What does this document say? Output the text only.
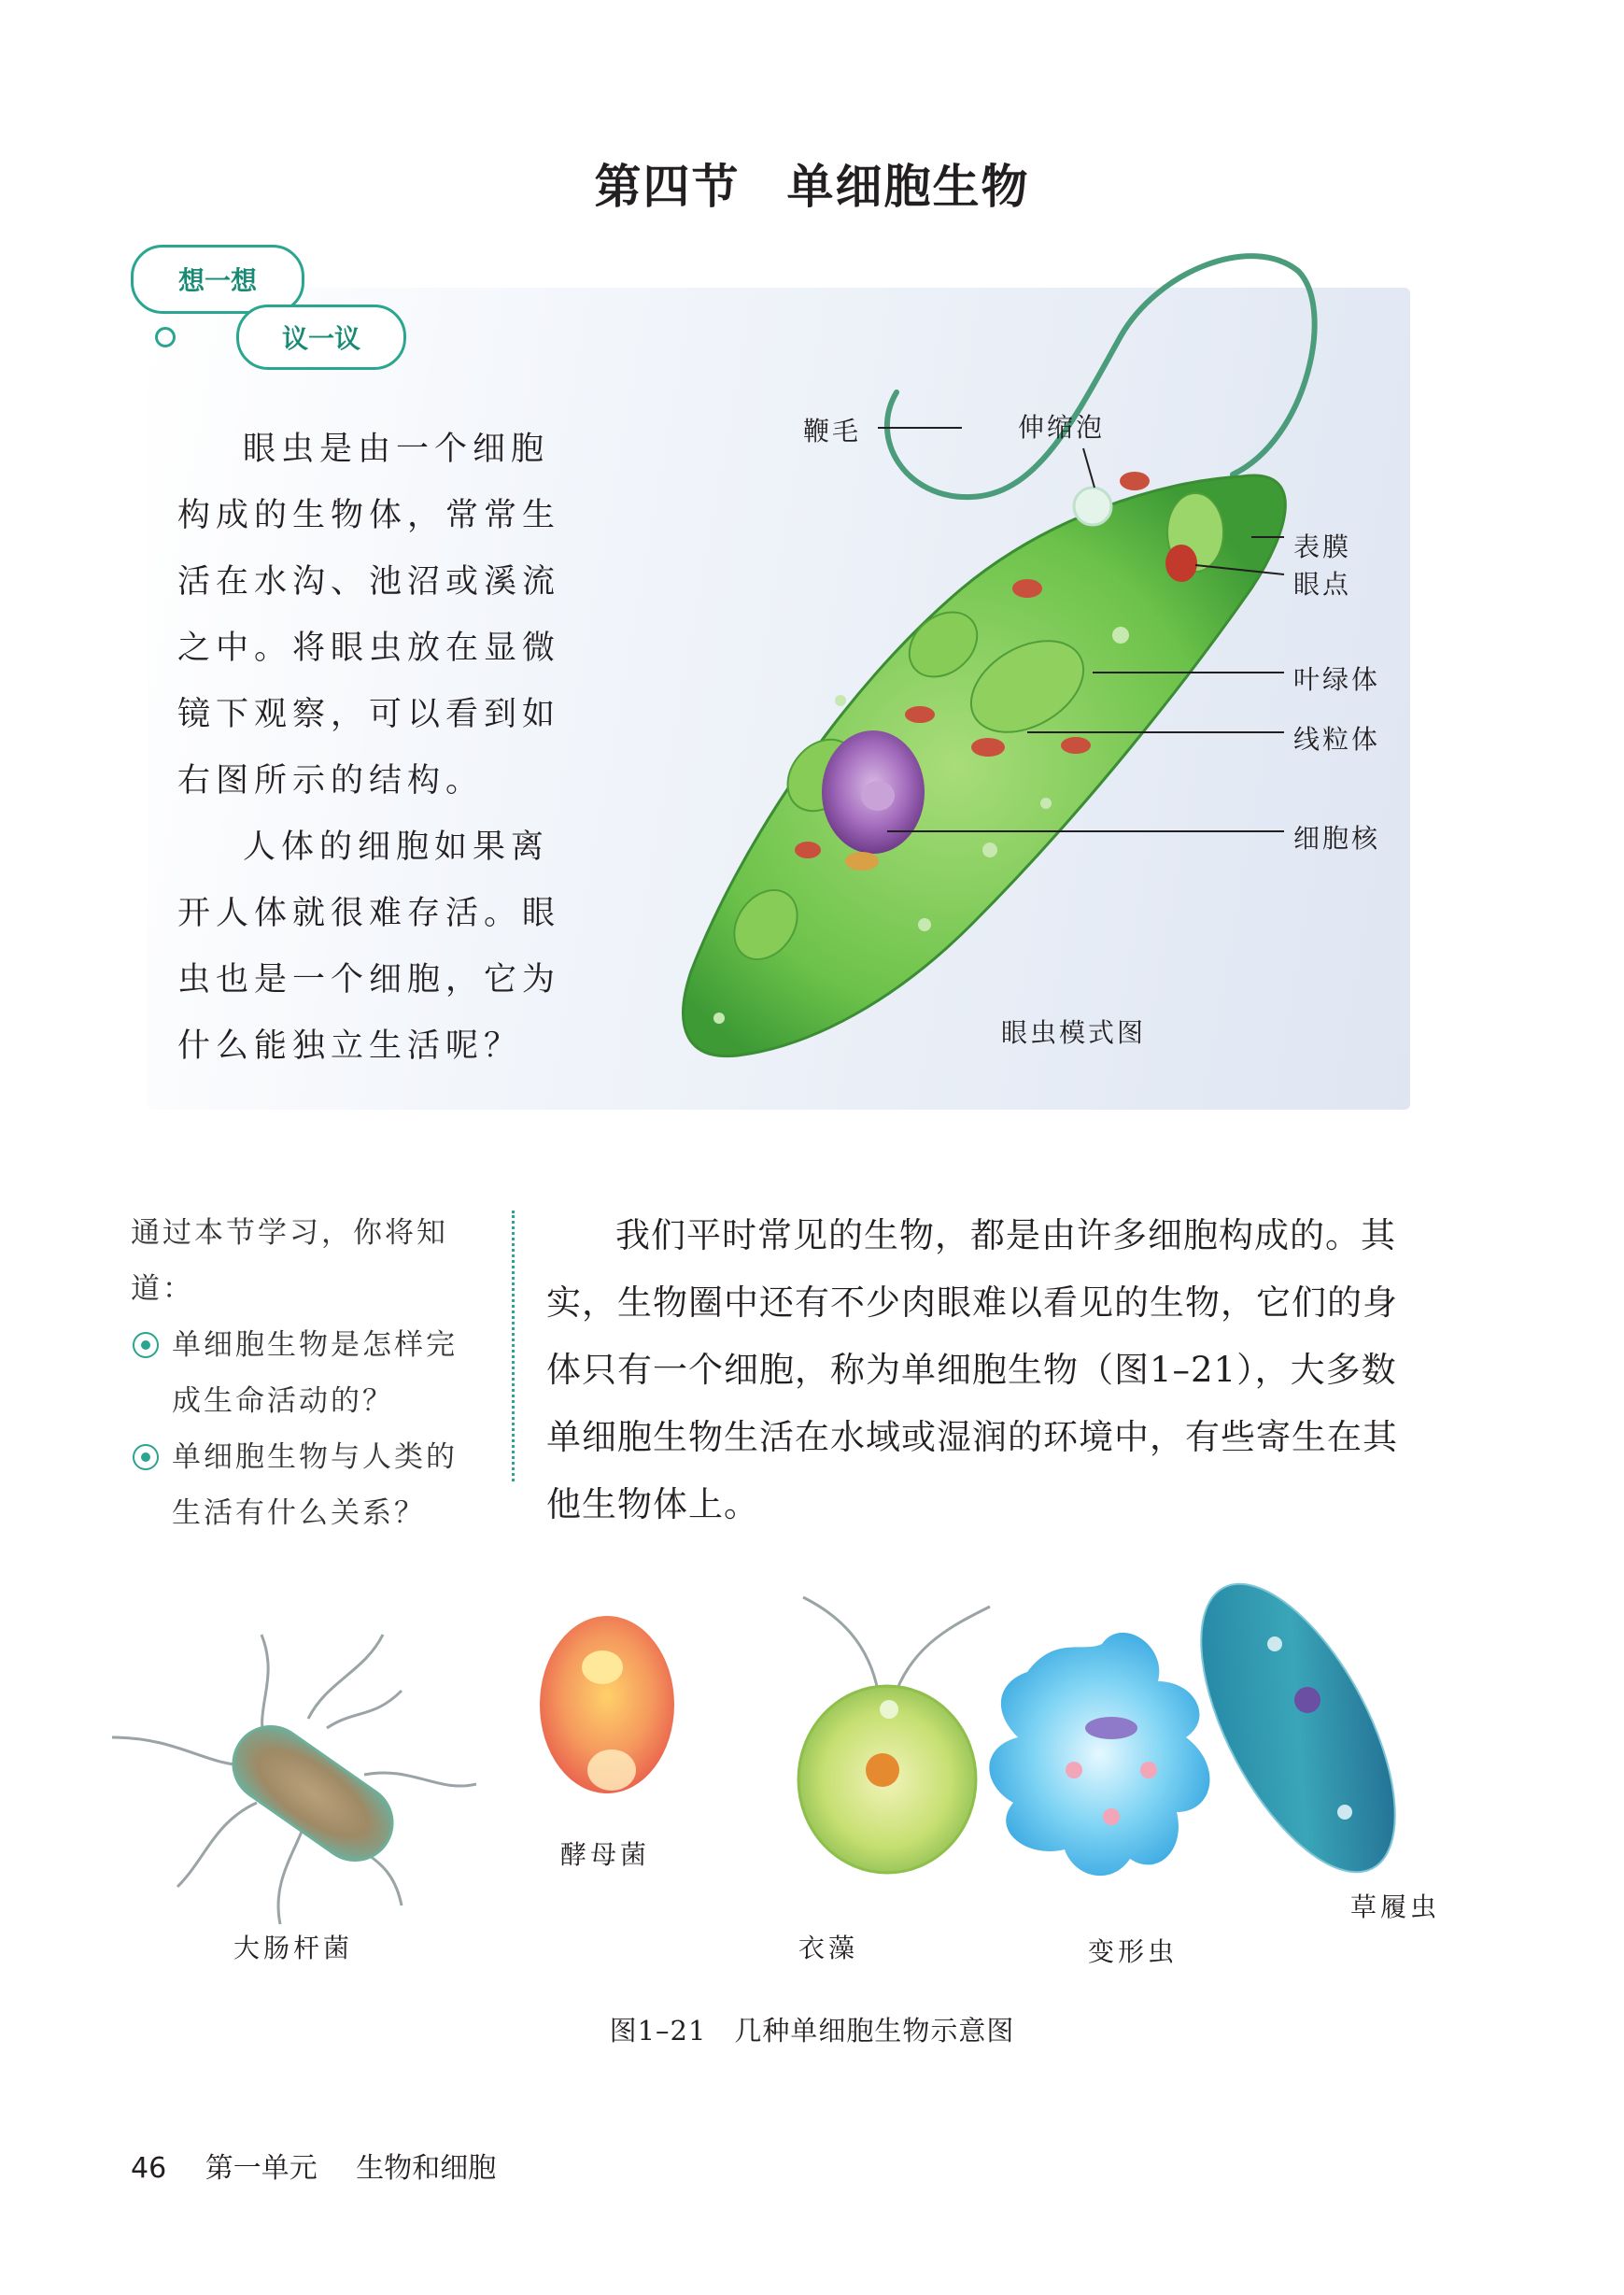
第四节 单细胞生物
想一想
议一议

眼虫是由一个细胞构成的生物体，常常生活在水沟、池沼或溪流之中。将眼虫放在显微镜下观察，可以看到如右图所示的结构。

人体的细胞如果离开人体就很难存活。眼虫也是一个细胞，它为什么能独立生活呢？

鞭毛	伸缩泡
表膜
眼点
叶绿体
线粒体
细胞核
眼虫模式图
通过本节学习，你将知道：
单细胞生物是怎样完成生命活动的？
单细胞生物与人类的生活有什么关系？

我们平时常见的生物，都是由许多细胞构成的。其实，生物圈中还有不少肉眼难以看见的生物，它们的身体只有一个细胞，称为单细胞生物（图1–21），大多数单细胞生物生活在水域或湿润的环境中，有些寄生在其他生物体上。

大肠杆菌
酵母菌
衣藻	变形虫
草履虫
图1–21 几种单细胞生物示意图
46 第一单元 生物和细胞
